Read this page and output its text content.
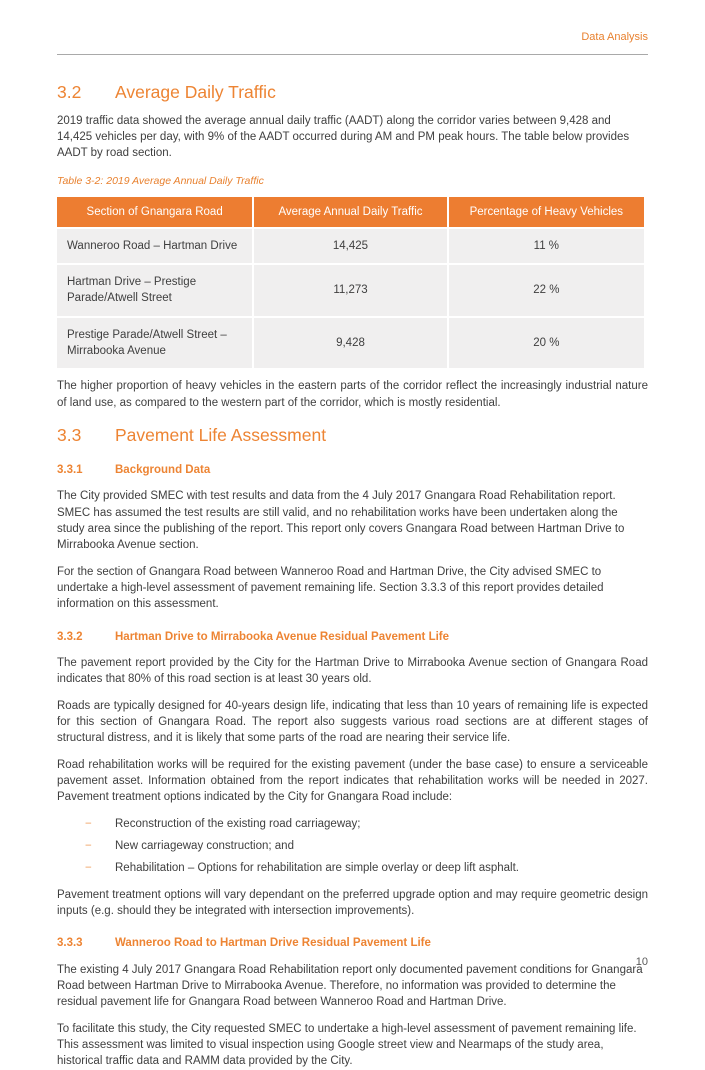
Data Analysis
3.2	Average Daily Traffic

2019 traffic data showed the average annual daily traffic (AADT) along the corridor varies between 9,428 and 14,425 vehicles per day, with 9% of the AADT occurred during AM and PM peak hours. The table below provides AADT by road section.

Table 3-2: 2019 Average Annual Daily Traffic
Section of Gnangara Road	Average Annual Daily Traffic	Percentage of Heavy Vehicles
Wanneroo Road – Hartman Drive	14,425	11 %
Hartman Drive – Prestige Parade/Atwell Street	11,273	22 %
Prestige Parade/Atwell Street – Mirrabooka Avenue	9,428	20 %

The higher proportion of heavy vehicles in the eastern parts of the corridor reflect the increasingly industrial nature of land use, as compared to the western part of the corridor, which is mostly residential.

3.3	Pavement Life Assessment
3.3.1	Background Data

The City provided SMEC with test results and data from the 4 July 2017 Gnangara Road Rehabilitation report. SMEC has assumed the test results are still valid, and no rehabilitation works have been undertaken along the study area since the publishing of the report. This report only covers Gnangara Road between Hartman Drive to Mirrabooka Avenue section.

For the section of Gnangara Road between Wanneroo Road and Hartman Drive, the City advised SMEC to undertake a high-level assessment of pavement remaining life. Section 3.3.3 of this report provides detailed information on this assessment.

3.3.2	Hartman Drive to Mirrabooka Avenue Residual Pavement Life

The pavement report provided by the City for the Hartman Drive to Mirrabooka Avenue section of Gnangara Road indicates that 80% of this road section is at least 30 years old.

Roads are typically designed for 40-years design life, indicating that less than 10 years of remaining life is expected for this section of Gnangara Road. The report also suggests various road sections are at different stages of structural distress, and it is likely that some parts of the road are nearing their service life.

Road rehabilitation works will be required for the existing pavement (under the base case) to ensure a serviceable pavement asset. Information obtained from the report indicates that rehabilitation works will be needed in 2027. Pavement treatment options indicated by the City for Gnangara Road include:

−	Reconstruction of the existing road carriageway;
−	New carriageway construction; and
−	Rehabilitation – Options for rehabilitation are simple overlay or deep lift asphalt.

Pavement treatment options will vary dependant on the preferred upgrade option and may require geometric design inputs (e.g. should they be integrated with intersection improvements).

3.3.3	Wanneroo Road to Hartman Drive Residual Pavement Life

The existing 4 July 2017 Gnangara Road Rehabilitation report only documented pavement conditions for Gnangara Road between Hartman Drive to Mirrabooka Avenue. Therefore, no information was provided to determine the residual pavement life for Gnangara Road between Wanneroo Road and Hartman Drive.

To facilitate this study, the City requested SMEC to undertake a high-level assessment of pavement remaining life. This assessment was limited to visual inspection using Google street view and Nearmaps of the study area, historical traffic data and RAMM data provided by the City.

10
